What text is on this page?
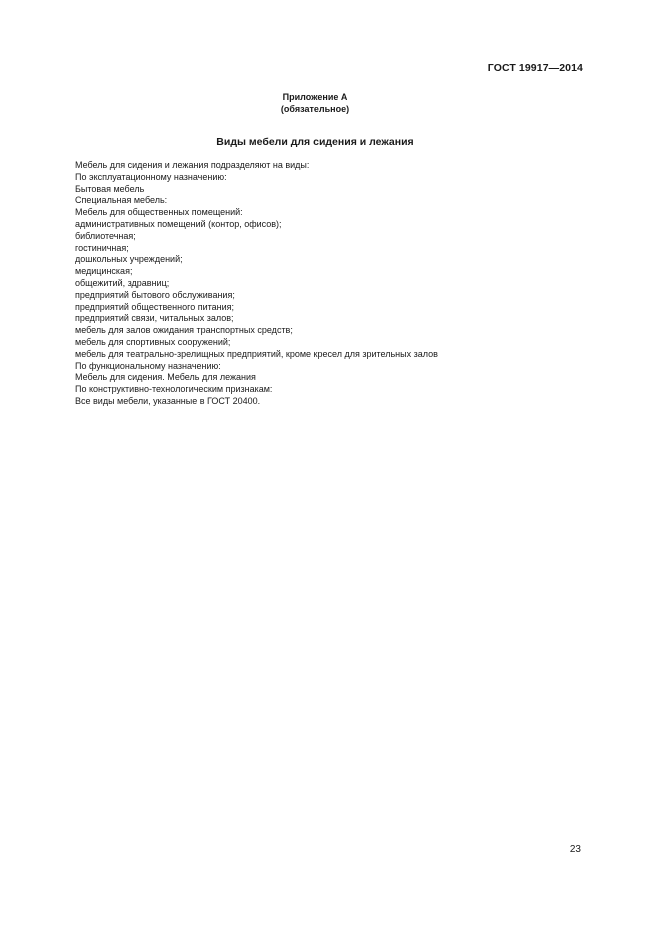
ГОСТ 19917—2014
Приложение А
(обязательное)
Виды мебели для сидения и лежания
Мебель для сидения и лежания подразделяют на виды:
По эксплуатационному назначению:
Бытовая мебель
Специальная мебель:
Мебель для общественных помещений:
административных помещений (контор, офисов);
библиотечная;
гостиничная;
дошкольных учреждений;
медицинская;
общежитий, здравниц;
предприятий бытового обслуживания;
предприятий общественного питания;
предприятий связи, читальных залов;
мебель для залов ожидания транспортных средств;
мебель для спортивных сооружений;
мебель для театрально-зрелищных предприятий, кроме кресел для зрительных залов
По функциональному назначению:
Мебель для сидения. Мебель для лежания
По конструктивно-технологическим признакам:
Все виды мебели, указанные в ГОСТ 20400.
23
